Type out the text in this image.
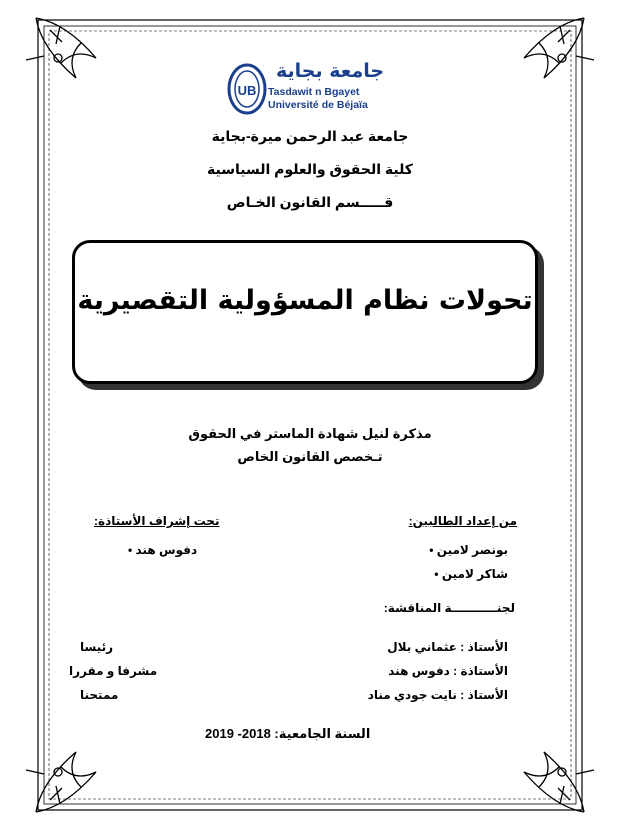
UB
جامعة بجاية
Tasdawit n Bgayet
Université de Béjaïa
جامعة عبد الرحمن ميرة-بجاية
كلية الحقوق والعلوم السياسية
قـــــسم القانون الخـاص
تحولات نظام المسؤولية التقصيرية
مذكرة لنيل شهادة الماستر في الحقوق
تـخصص القانون الخاص
من إعداد الطالبين:
بونصر لامين •
شاكر لامين •
تحت إشراف الأستاذة:
دفوس هند •
لجنـــــــــــة المناقشة:
الأستاذ : عثماني بلال
الأستاذة : دفوس هند
الأستاذ : نايت جودي مناد
رئيسا
مشرفا و مقررا
ممتحنا
السنة الجامعية: 2018- 2019
